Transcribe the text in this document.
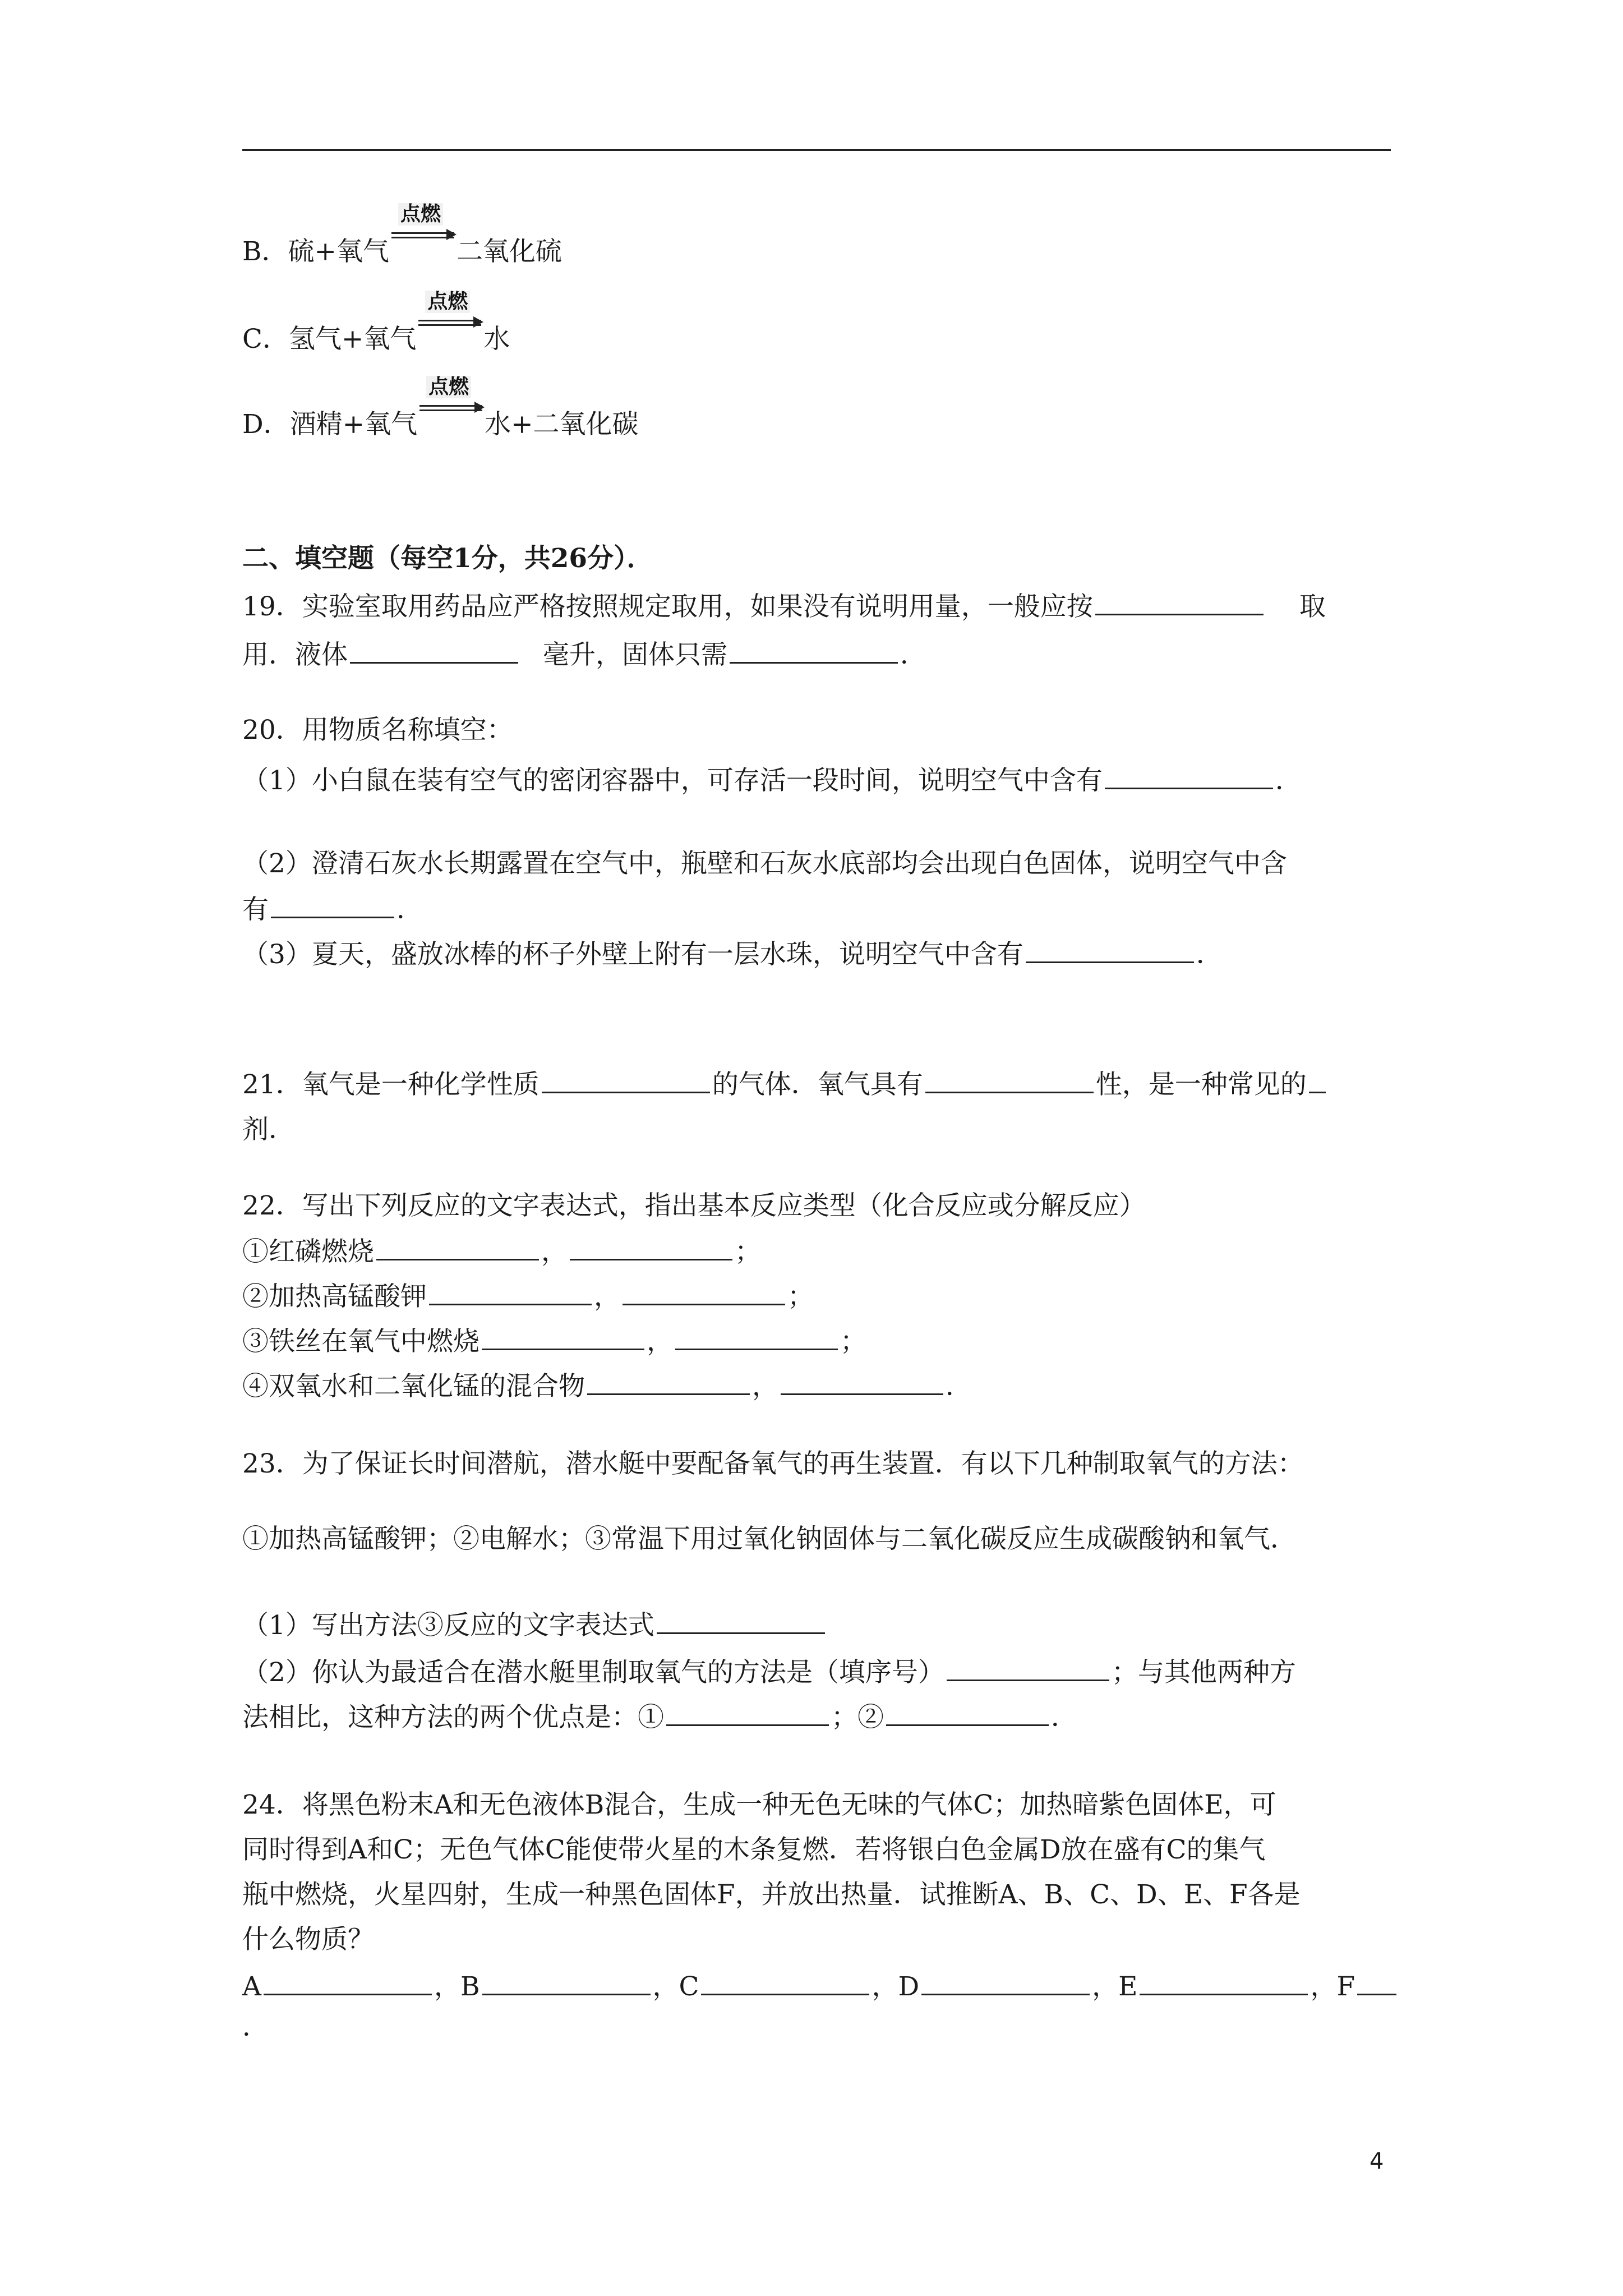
B．硫+氧气
点燃
二氧化硫
C．氢气+氧气
点燃
水
D．酒精+氧气
点燃
水+二氧化碳
二、填空题（每空1分，共26分）．
19．实验室取用药品应严格按照规定取用，如果没有说明用量，一般应按	取
用．液体	毫升，固体只需	．
20．用物质名称填空：
（1）小白鼠在装有空气的密闭容器中，可存活一段时间，说明空气中含有	．
（2）澄清石灰水长期露置在空气中，瓶壁和石灰水底部均会出现白色固体，说明空气中含
有	．
（3）夏天，盛放冰棒的杯子外壁上附有一层水珠，说明空气中含有	．
21．氧气是一种化学性质	的气体．氧气具有	性，是一种常见的
剂．
22．写出下列反应的文字表达式，指出基本反应类型（化合反应或分解反应）
①红磷燃烧	，	；
②加热高锰酸钾	，	；
③铁丝在氧气中燃烧	，	；
④双氧水和二氧化锰的混合物	，	．
23．为了保证长时间潜航，潜水艇中要配备氧气的再生装置．有以下几种制取氧气的方法：
①加热高锰酸钾；②电解水；③常温下用过氧化钠固体与二氧化碳反应生成碳酸钠和氧气．
（1）写出方法③反应的文字表达式
（2）你认为最适合在潜水艇里制取氧气的方法是（填序号）	；与其他两种方
法相比，这种方法的两个优点是：①	；②	．
24．将黑色粉末A和无色液体B混合，生成一种无色无味的气体C；加热暗紫色固体E，可
同时得到A和C；无色气体C能使带火星的木条复燃．若将银白色金属D放在盛有C的集气
瓶中燃烧，火星四射，生成一种黑色固体F，并放出热量．试推断A、B、C、D、E、F各是
什么物质？
A	，B	，C	，D	，E	，F
．
4
